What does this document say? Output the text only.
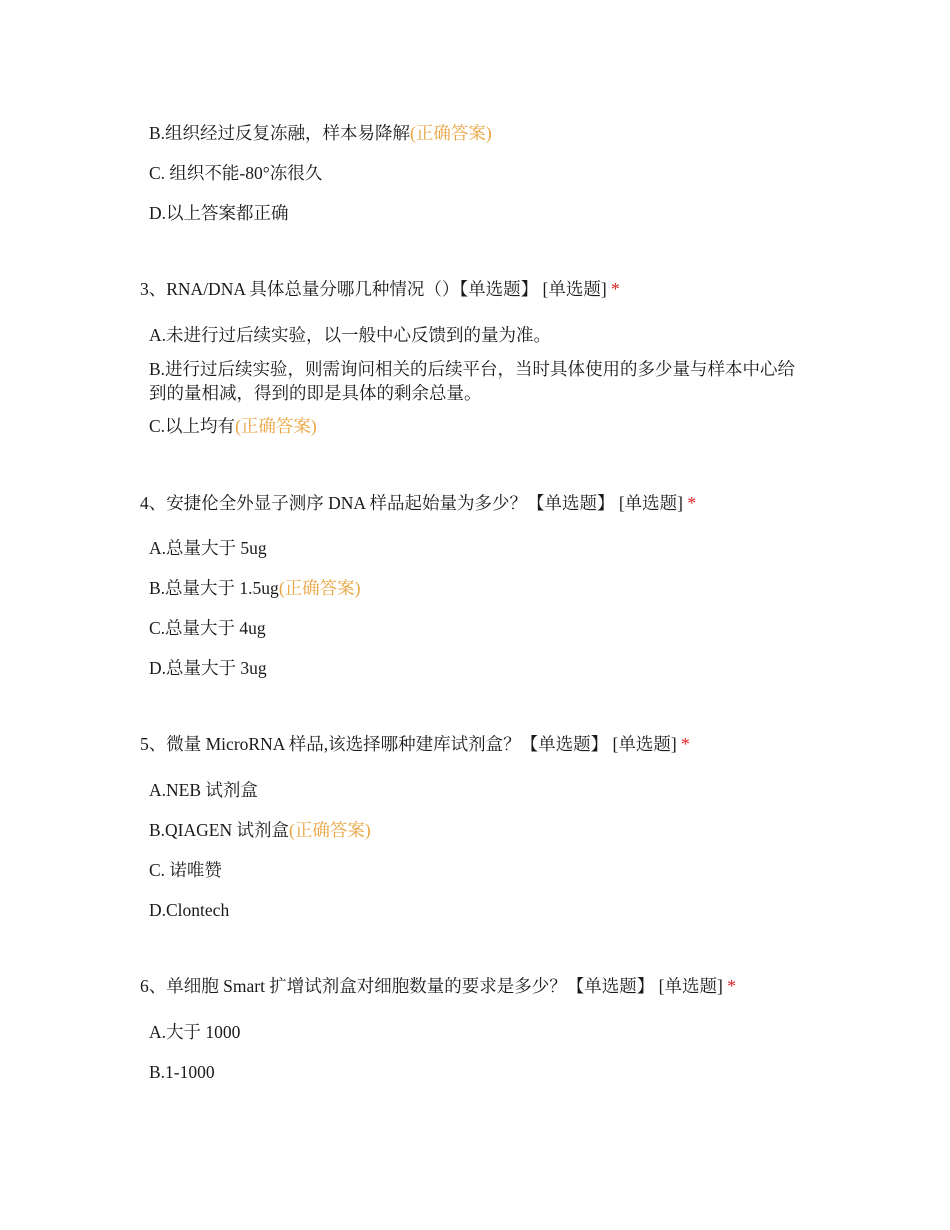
B.组织经过反复冻融，样本易降解(正确答案)
C. 组织不能-80°冻很久
D.以上答案都正确
3、RNA/DNA 具体总量分哪几种情况（）【单选题】 [单选题] *
A.未进行过后续实验，以一般中心反馈到的量为准。
B.进行过后续实验，则需询问相关的后续平台，当时具体使用的多少量与样本中心给到的量相减，得到的即是具体的剩余总量。
C.以上均有(正确答案)
4、安捷伦全外显子测序 DNA 样品起始量为多少？【单选题】 [单选题] *
A.总量大于 5ug
B.总量大于 1.5ug(正确答案)
C.总量大于 4ug
D.总量大于 3ug
5、微量 MicroRNA 样品,该选择哪种建库试剂盒？【单选题】 [单选题] *
A.NEB 试剂盒
B.QIAGEN 试剂盒(正确答案)
C. 诺唯赞
D.Clontech
6、单细胞 Smart 扩增试剂盒对细胞数量的要求是多少？【单选题】 [单选题] *
A.大于 1000
B.1-1000
